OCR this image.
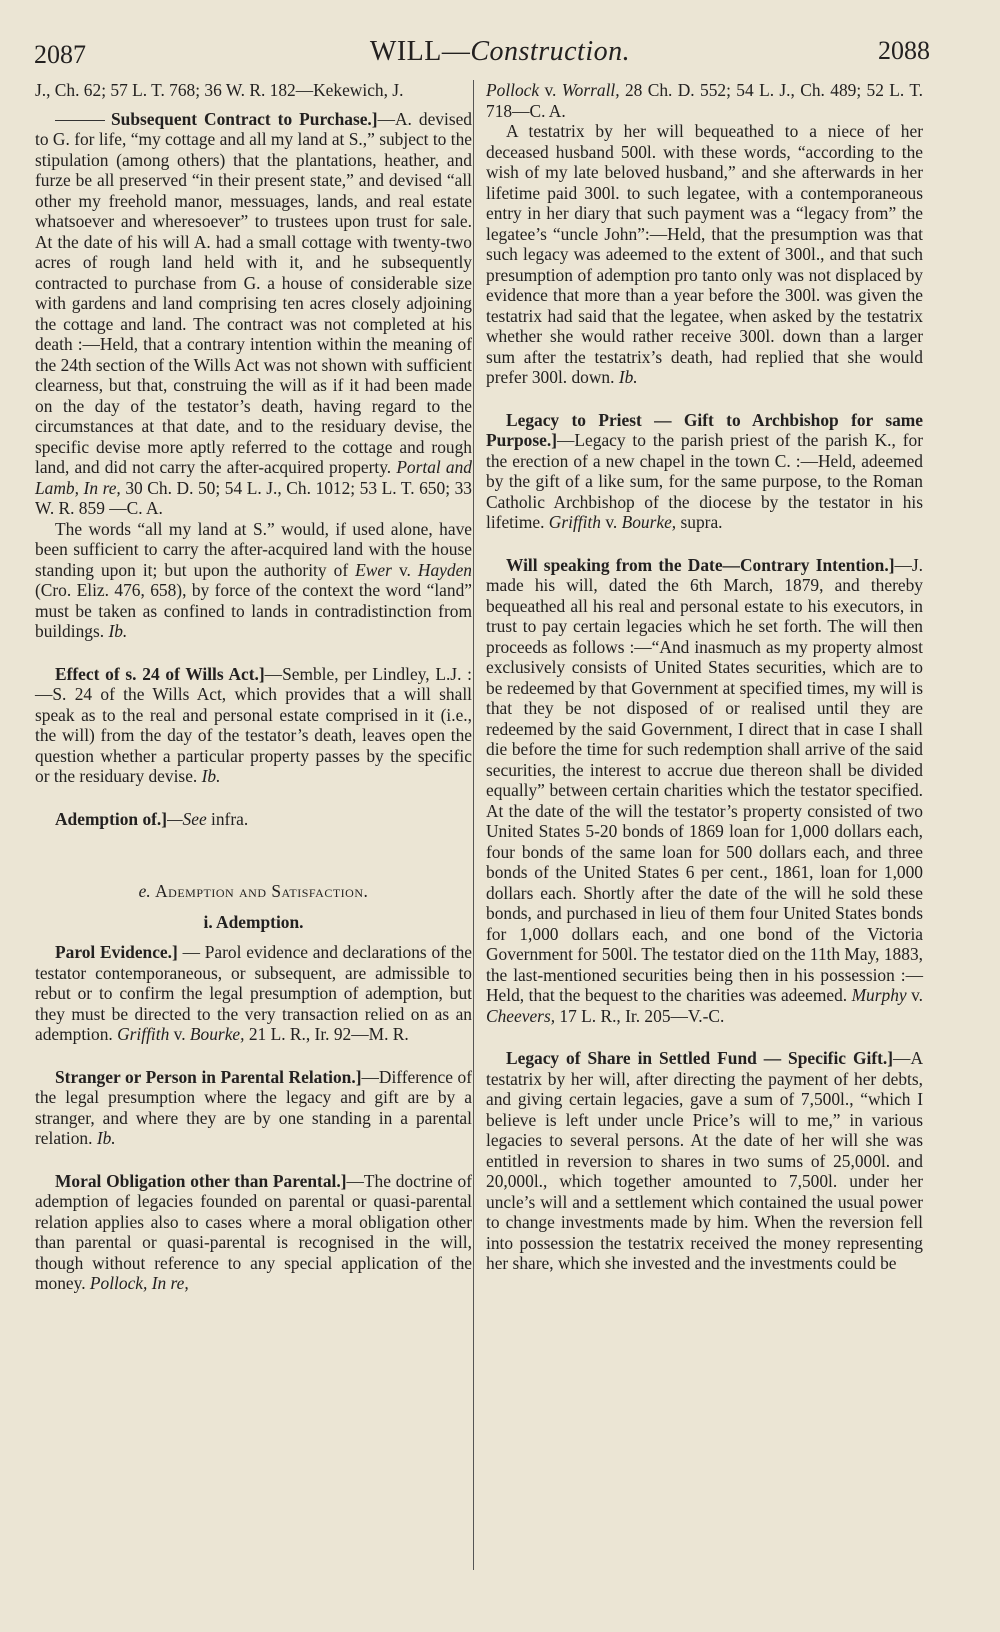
2087	WILL—Construction.	2088

J., Ch. 62; 57 L. T. 768; 36 W. R. 182—Kekewich, J.

Subsequent Contract to Purchase.]—A. devised to G. for life, “my cottage and all my land at S.,” subject to the stipulation (among others) that the plantations, heather, and furze be all preserved “in their present state,” and devised “all other my freehold manor, messuages, lands, and real estate whatsoever and wheresoever” to trustees upon trust for sale. At the date of his will A. had a small cottage with twenty-two acres of rough land held with it, and he subsequently contracted to purchase from G. a house of considerable size with gardens and land comprising ten acres closely adjoining the cottage and land. The contract was not completed at his death :—Held, that a contrary intention within the meaning of the 24th section of the Wills Act was not shown with sufficient clearness, but that, construing the will as if it had been made on the day of the testator’s death, having regard to the circumstances at that date, and to the residuary devise, the specific devise more aptly referred to the cottage and rough land, and did not carry the after-acquired property. Portal and Lamb, In re, 30 Ch. D. 50; 54 L. J., Ch. 1012; 53 L. T. 650; 33 W. R. 859 —C. A.

The words “all my land at S.” would, if used alone, have been sufficient to carry the after-acquired land with the house standing upon it; but upon the authority of Ewer v. Hayden (Cro. Eliz. 476, 658), by force of the context the word “land” must be taken as confined to lands in contradistinction from buildings. Ib.

Effect of s. 24 of Wills Act.]—Semble, per Lindley, L.J. :—S. 24 of the Wills Act, which provides that a will shall speak as to the real and personal estate comprised in it (i.e., the will) from the day of the testator’s death, leaves open the question whether a particular property passes by the specific or the residuary devise. Ib.

Ademption of.]—See infra.

e. Ademption and Satisfaction.

i. Ademption.

Parol Evidence.] — Parol evidence and declarations of the testator contemporaneous, or subsequent, are admissible to rebut or to confirm the legal presumption of ademption, but they must be directed to the very transaction relied on as an ademption. Griffith v. Bourke, 21 L. R., Ir. 92—M. R.

Stranger or Person in Parental Relation.]—Difference of the legal presumption where the legacy and gift are by a stranger, and where they are by one standing in a parental relation. Ib.

Moral Obligation other than Parental.]—The doctrine of ademption of legacies founded on parental or quasi-parental relation applies also to cases where a moral obligation other than parental or quasi-parental is recognised in the will, though without reference to any special application of the money. Pollock, In re,

Pollock v. Worrall, 28 Ch. D. 552; 54 L. J., Ch. 489; 52 L. T. 718—C. A.

A testatrix by her will bequeathed to a niece of her deceased husband 500l. with these words, “according to the wish of my late beloved husband,” and she afterwards in her lifetime paid 300l. to such legatee, with a contemporaneous entry in her diary that such payment was a “legacy from” the legatee’s “uncle John”:—Held, that the presumption was that such legacy was adeemed to the extent of 300l., and that such presumption of ademption pro tanto only was not displaced by evidence that more than a year before the 300l. was given the testatrix had said that the legatee, when asked by the testatrix whether she would rather receive 300l. down than a larger sum after the testatrix’s death, had replied that she would prefer 300l. down. Ib.

Legacy to Priest — Gift to Archbishop for same Purpose.]—Legacy to the parish priest of the parish K., for the erection of a new chapel in the town C. :—Held, adeemed by the gift of a like sum, for the same purpose, to the Roman Catholic Archbishop of the diocese by the testator in his lifetime. Griffith v. Bourke, supra.

Will speaking from the Date—Contrary Intention.]—J. made his will, dated the 6th March, 1879, and thereby bequeathed all his real and personal estate to his executors, in trust to pay certain legacies which he set forth. The will then proceeds as follows :—“And inasmuch as my property almost exclusively consists of United States securities, which are to be redeemed by that Government at specified times, my will is that they be not disposed of or realised until they are redeemed by the said Government, I direct that in case I shall die before the time for such redemption shall arrive of the said securities, the interest to accrue due thereon shall be divided equally” between certain charities which the testator specified. At the date of the will the testator’s property consisted of two United States 5-20 bonds of 1869 loan for 1,000 dollars each, four bonds of the same loan for 500 dollars each, and three bonds of the United States 6 per cent., 1861, loan for 1,000 dollars each. Shortly after the date of the will he sold these bonds, and purchased in lieu of them four United States bonds for 1,000 dollars each, and one bond of the Victoria Government for 500l. The testator died on the 11th May, 1883, the last-mentioned securities being then in his possession :—Held, that the bequest to the charities was adeemed. Murphy v. Cheevers, 17 L. R., Ir. 205—V.-C.

Legacy of Share in Settled Fund — Specific Gift.]—A testatrix by her will, after directing the payment of her debts, and giving certain legacies, gave a sum of 7,500l., “which I believe is left under uncle Price’s will to me,” in various legacies to several persons. At the date of her will she was entitled in reversion to shares in two sums of 25,000l. and 20,000l., which together amounted to 7,500l. under her uncle’s will and a settlement which contained the usual power to change investments made by him. When the reversion fell into possession the testatrix received the money representing her share, which she invested and the investments could be
